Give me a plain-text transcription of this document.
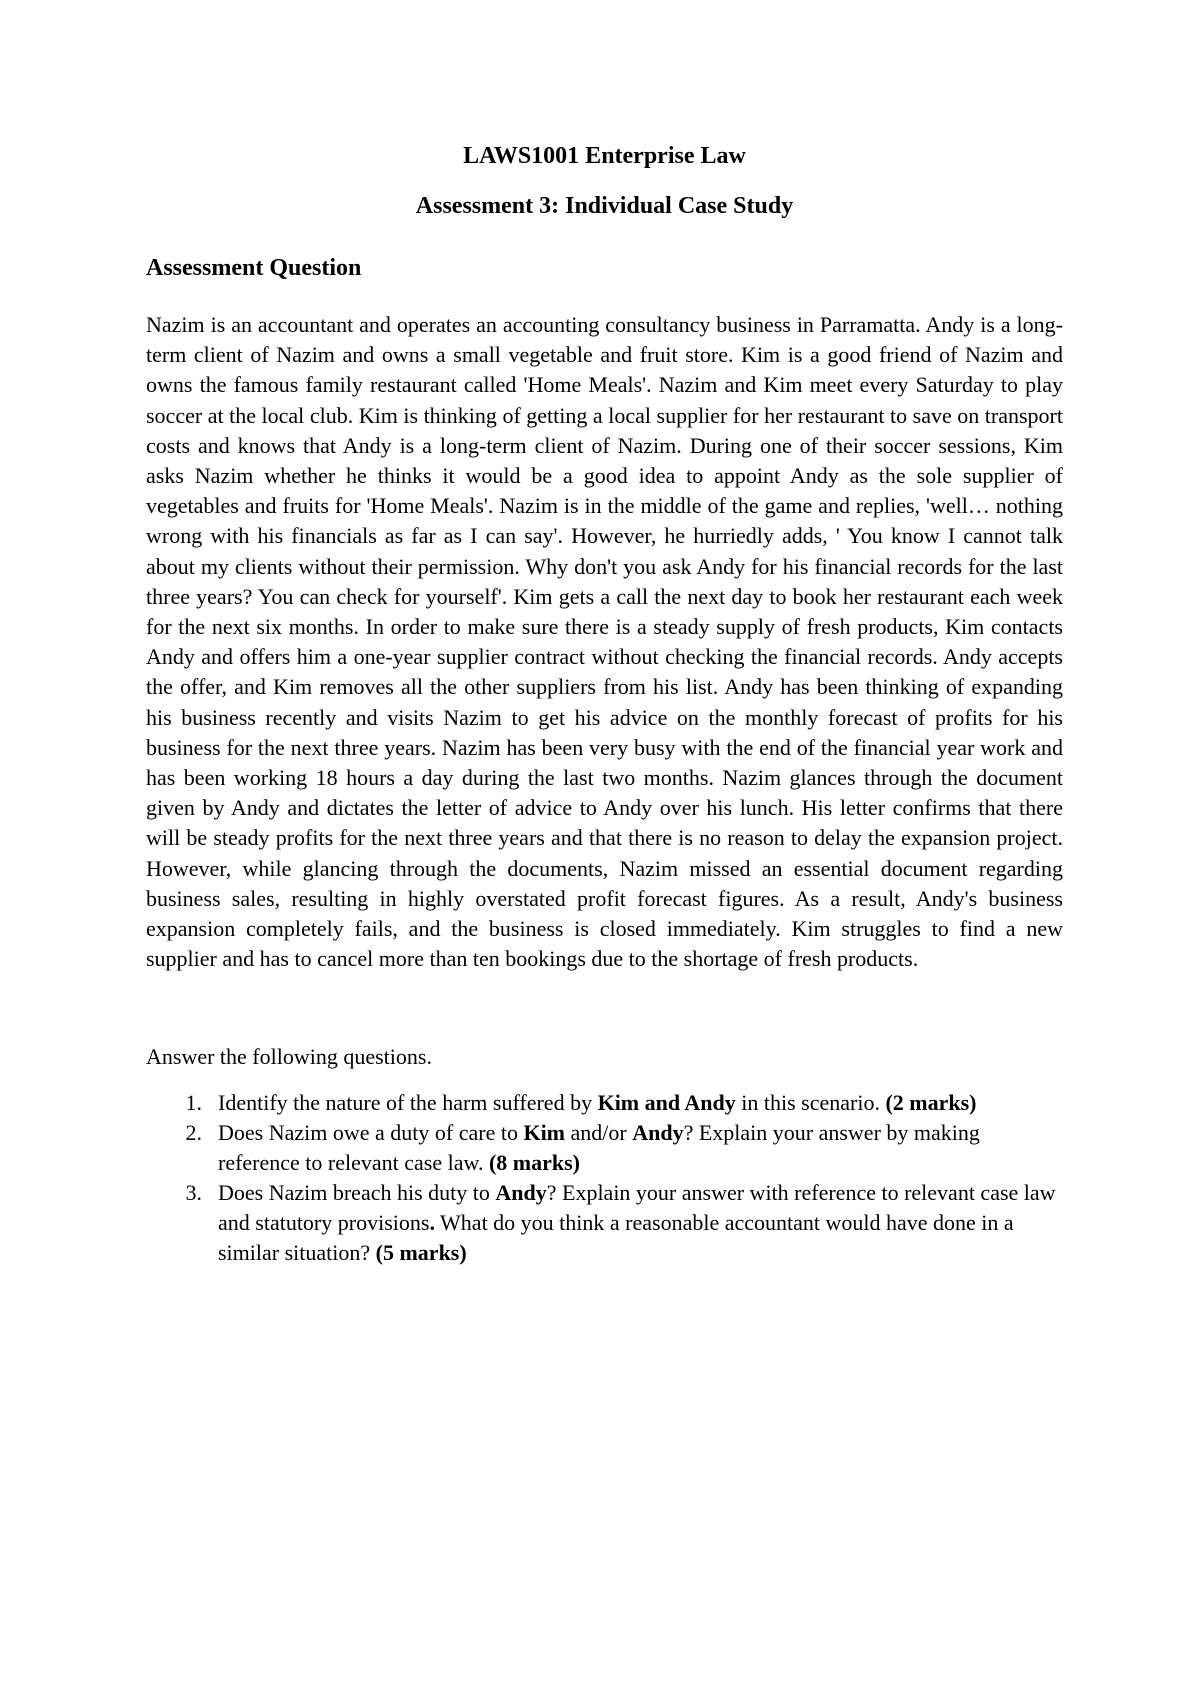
LAWS1001 Enterprise Law
Assessment 3: Individual Case Study
Assessment Question

Nazim is an accountant and operates an accounting consultancy business in Parramatta. Andy is a long-term client of Nazim and owns a small vegetable and fruit store. Kim is a good friend of Nazim and owns the famous family restaurant called 'Home Meals'. Nazim and Kim meet every Saturday to play soccer at the local club. Kim is thinking of getting a local supplier for her restaurant to save on transport costs and knows that Andy is a long-term client of Nazim. During one of their soccer sessions, Kim asks Nazim whether he thinks it would be a good idea to appoint Andy as the sole supplier of vegetables and fruits for 'Home Meals'. Nazim is in the middle of the game and replies, 'well… nothing wrong with his financials as far as I can say'. However, he hurriedly adds, ' You know I cannot talk about my clients without their permission. Why don't you ask Andy for his financial records for the last three years? You can check for yourself'. Kim gets a call the next day to book her restaurant each week for the next six months. In order to make sure there is a steady supply of fresh products, Kim contacts Andy and offers him a one-year supplier contract without checking the financial records. Andy accepts the offer, and Kim removes all the other suppliers from his list. Andy has been thinking of expanding his business recently and visits Nazim to get his advice on the monthly forecast of profits for his business for the next three years. Nazim has been very busy with the end of the financial year work and has been working 18 hours a day during the last two months. Nazim glances through the document given by Andy and dictates the letter of advice to Andy over his lunch. His letter confirms that there will be steady profits for the next three years and that there is no reason to delay the expansion project. However, while glancing through the documents, Nazim missed an essential document regarding business sales, resulting in highly overstated profit forecast figures. As a result, Andy's business expansion completely fails, and the business is closed immediately. Kim struggles to find a new supplier and has to cancel more than ten bookings due to the shortage of fresh products.

Answer the following questions.

1. Identify the nature of the harm suffered by Kim and Andy in this scenario. (2 marks)
2. Does Nazim owe a duty of care to Kim and/or Andy? Explain your answer by making reference to relevant case law. (8 marks)
3. Does Nazim breach his duty to Andy? Explain your answer with reference to relevant case law and statutory provisions. What do you think a reasonable accountant would have done in a similar situation? (5 marks)
